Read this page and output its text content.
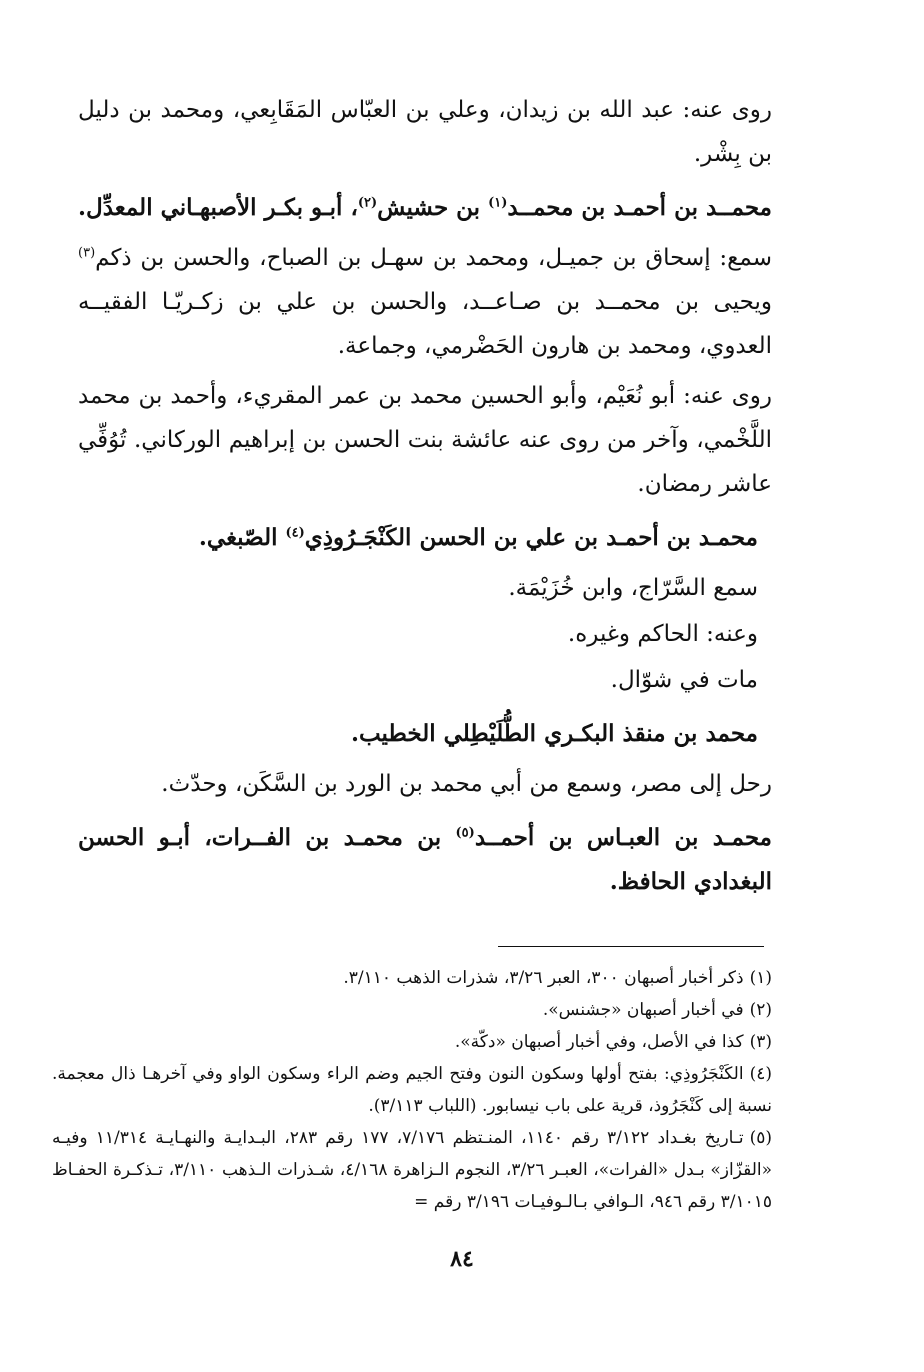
روى عنه: عبد الله بن زيدان، وعلي بن العبّاس المَقَابِعي، ومحمد بن دليل بن بِشْر.

محمــد بن أحمـد بن محمــد$^{(١)}$ بن حشيش$^{(٢)}$، أبـو بكـر الأصبهـاني المعدِّل.

سمع: إسحاق بن جميـل، ومحمد بن سهـل بن الصباح، والحسن بن ذكم$^{(٣)}$ ويحيى بن محمــد بن صـاعــد، والحسن بن علي بن زكـريّـا الفقيــه العدوي، ومحمد بن هارون الحَضْرمي، وجماعة.

روى عنه: أبو نُعَيْم، وأبو الحسين محمد بن عمر المقريء، وأحمد بن محمد اللَّخْمي، وآخر من روى عنه عائشة بنت الحسن بن إبراهيم الوركاني. تُوُفِّي عاشر رمضان.

محمـد بن أحمـد بن علي بن الحسن الكَنْجَـرُوذِي$^{(٤)}$ الصّبغي.

سمع السَّرّاج، وابن خُزَيْمَة.

وعنه: الحاكم وغيره.

مات في شوّال.

محمد بن منقذ البكـري الطُّلَيْطِلي الخطيب.

رحل إلى مصر، وسمع من أبي محمد بن الورد بن السَّكَن، وحدّث.

محمـد بن العبـاس بن أحمــد$^{(٥)}$ بن محمـد بن الفــرات، أبـو الحسن البغدادي الحافظ.

(١)ذكر أخبار أصبهان ٣٠٠، العبر ٣/٢٦، شذرات الذهب ٣/١١٠.

(٢)في أخبار أصبهان «جشنس».

(٣)كذا في الأصل، وفي أخبار أصبهان «دكّة».

(٤)الكَنْجَرُوذِي: بفتح أولها وسكون النون وفتح الجيم وضم الراء وسكون الواو وفي آخرهـا ذال معجمة. نسبة إلى كَنْجَرُوذ، قرية على باب نيسابور. (اللباب ٣/١١٣).

(٥)تـاريخ بغـداد ٣/١٢٢ رقم ١١٤٠، المنـتظم ٧/١٧٦، ١٧٧ رقم ٢٨٣، البـدايـة والنهـايـة ١١/٣١٤ وفيـه «القزّاز» بـدل «الفرات»، العبـر ٣/٢٦، النجوم الـزاهرة ٤/١٦٨، شـذرات الـذهب ٣/١١٠، تـذكـرة الحفـاظ ٣/١٠١٥ رقم ٩٤٦، الـوافي بـالـوفيـات ٣/١٩٦ رقم =

٨٤
